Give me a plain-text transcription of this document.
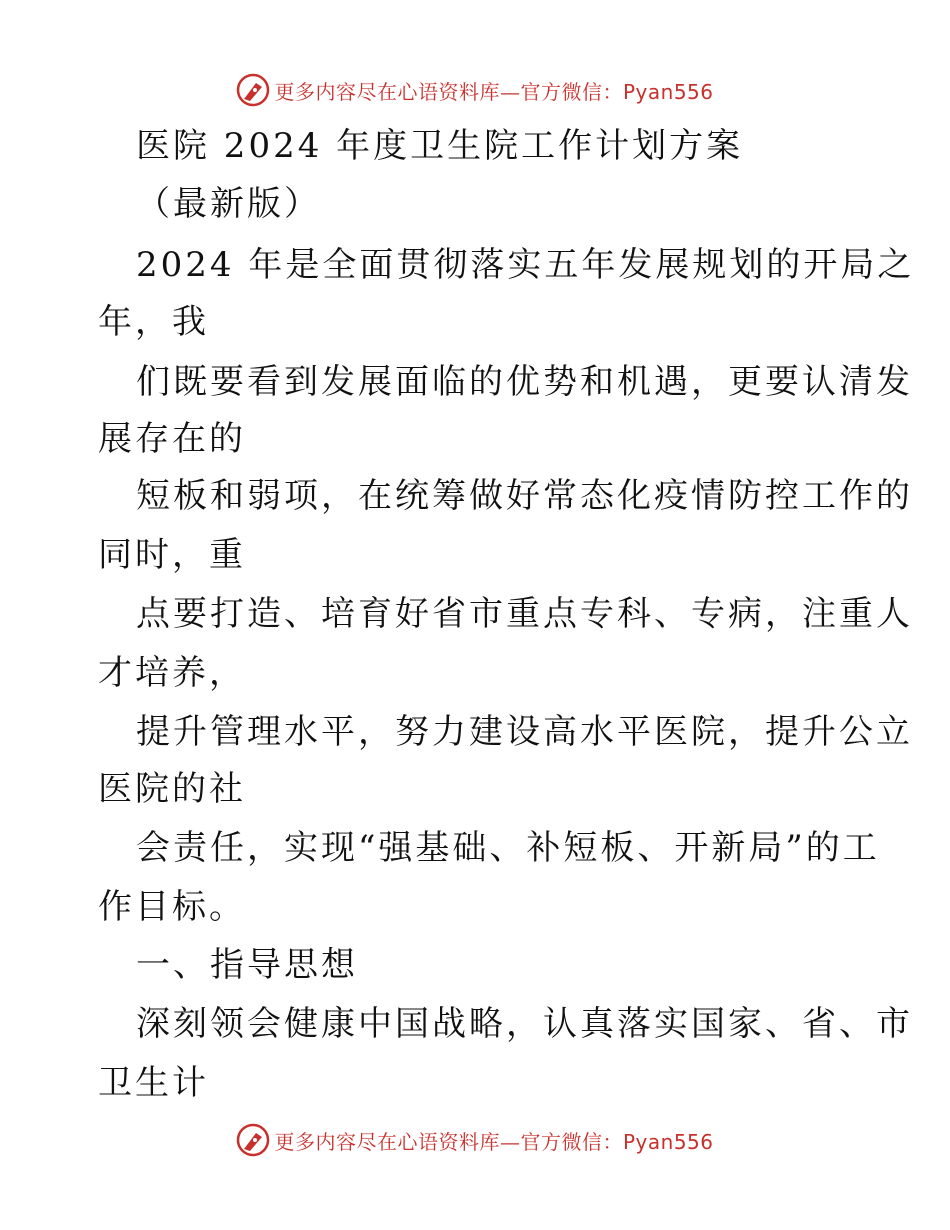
更多内容尽在心语资料库—官方微信：Pyan556
医院 2024 年度卫生院工作计划方案
（最新版）
2024 年是全面贯彻落实五年发展规划的开局之
年，我
们既要看到发展面临的优势和机遇，更要认清发
展存在的
短板和弱项，在统筹做好常态化疫情防控工作的
同时，重
点要打造、培育好省市重点专科、专病，注重人
才培养，
提升管理水平，努力建设高水平医院，提升公立
医院的社
会责任，实现“强基础、补短板、开新局”的工
作目标。
一、指导思想
深刻领会健康中国战略，认真落实国家、省、市
卫生计
更多内容尽在心语资料库—官方微信：Pyan556
